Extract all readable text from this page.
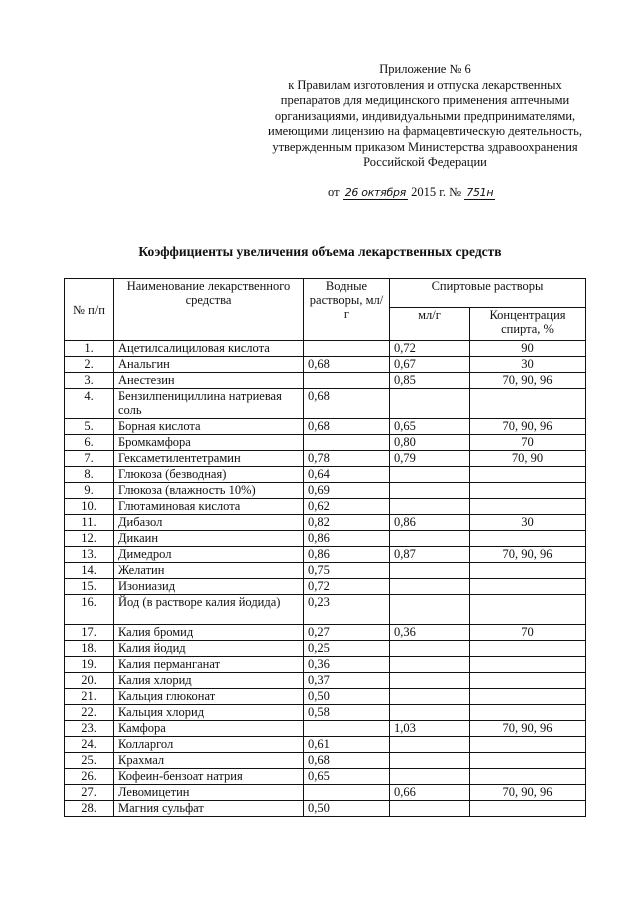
Приложение № 6
к Правилам изготовления и отпуска лекарственных
препаратов для медицинского применения аптечными
организациями, индивидуальными предпринимателями,
имеющими лицензию на фармацевтическую деятельность,
утвержденным приказом Министерства здравоохранения
Российской Федерации
от 26 октября 2015 г. № 751н
Коэффициенты увеличения объема лекарственных средств
№ п/п	Наименование лекарственного средства	Водные растворы, мл/г	Спиртовые растворы	
			мл/г	Концентрация спирта, %
1.	Ацетилсалициловая кислота		0,72	90
2.	Анальгин	0,68	0,67	30
3.	Анестезин		0,85	70, 90, 96
4.	Бензилпенициллина натриевая соль	0,68		
5.	Борная кислота	0,68	0,65	70, 90, 96
6.	Бромкамфора		0,80	70
7.	Гексаметилентетрамин	0,78	0,79	70, 90
8.	Глюкоза (безводная)	0,64		
9.	Глюкоза (влажность 10%)	0,69		
10.	Глютаминовая кислота	0,62		
11.	Дибазол	0,82	0,86	30
12.	Дикаин	0,86		
13.	Димедрол	0,86	0,87	70, 90, 96
14.	Желатин	0,75		
15.	Изониазид	0,72		
16.	Йод (в растворе калия йодида)	0,23		
17.	Калия бромид	0,27	0,36	70
18.	Калия йодид	0,25		
19.	Калия перманганат	0,36		
20.	Калия хлорид	0,37		
21.	Кальция глюконат	0,50		
22.	Кальция хлорид	0,58		
23.	Камфора		1,03	70, 90, 96
24.	Колларгол	0,61		
25.	Крахмал	0,68		
26.	Кофеин-бензоат натрия	0,65		
27.	Левомицетин		0,66	70, 90, 96
28.	Магния сульфат	0,50		
